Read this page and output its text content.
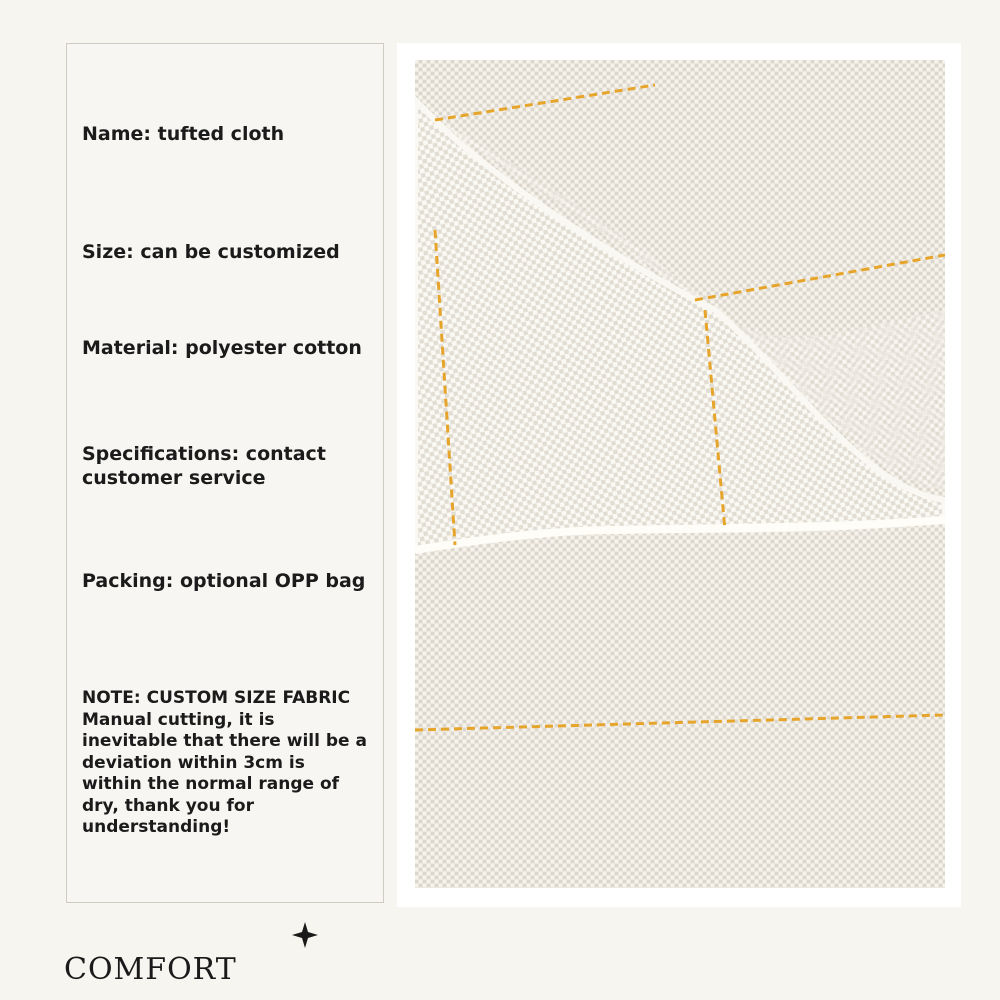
Name: tufted cloth

Size: can be customized

Material: polyester cotton

Specifications: contact customer service

Packing: optional OPP bag

NOTE: CUSTOM SIZE FABRIC
Manual cutting, it is inevitable that there will be a deviation within 3cm is within the normal range of dry, thank you for understanding!
COMFORT
